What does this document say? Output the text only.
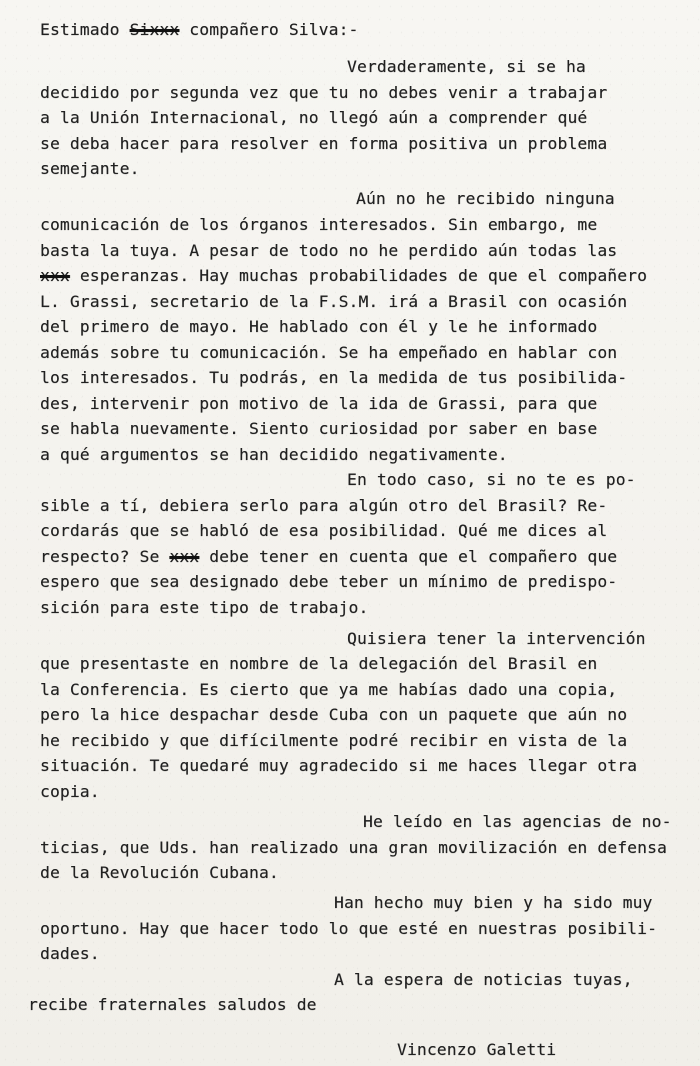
Estimado Sixxx compañero Silva:-
Verdaderamente, si se ha
decidido por segunda vez que tu no debes venir a trabajar
a la Unión Internacional, no llegó aún a comprender qué
se deba hacer para resolver en forma positiva un problema
semejante.
Aún no he recibido ninguna
comunicación de los órganos interesados. Sin embargo, me
basta la tuya. A pesar de todo no he perdido aún todas las
xxx esperanzas. Hay muchas probabilidades de que el compañero
L. Grassi, secretario de la F.S.M. irá a Brasil con ocasión
del primero de mayo. He hablado con él y le he informado
además sobre tu comunicación. Se ha empeñado en hablar con
los interesados. Tu podrás, en la medida de tus posibilida-
des, intervenir pon motivo de la ida de Grassi, para que
se habla nuevamente. Siento curiosidad por saber en base
a qué argumentos se han decidido negativamente.
En todo caso, si no te es po-
sible a tí, debiera serlo para algún otro del Brasil? Re-
cordarás que se habló de esa posibilidad. Qué me dices al
respecto? Se xxx debe tener en cuenta que el compañero que
espero que sea designado debe teber un mínimo de predispo-
sición para este tipo de trabajo.
Quisiera tener la intervención
que presentaste en nombre de la delegación del Brasil en
la Conferencia. Es cierto que ya me habías dado una copia,
pero la hice despachar desde Cuba con un paquete que aún no
he recibido y que difícilmente podré recibir en vista de la
situación. Te quedaré muy agradecido si me haces llegar otra
copia.
He leído en las agencias de no-
ticias, que Uds. han realizado una gran movilización en defensa
de la Revolución Cubana.
Han hecho muy bien y ha sido muy
oportuno. Hay que hacer todo lo que esté en nuestras posibili-
dades.
A la espera de noticias tuyas,
recibe fraternales saludos de
Vincenzo Galetti
